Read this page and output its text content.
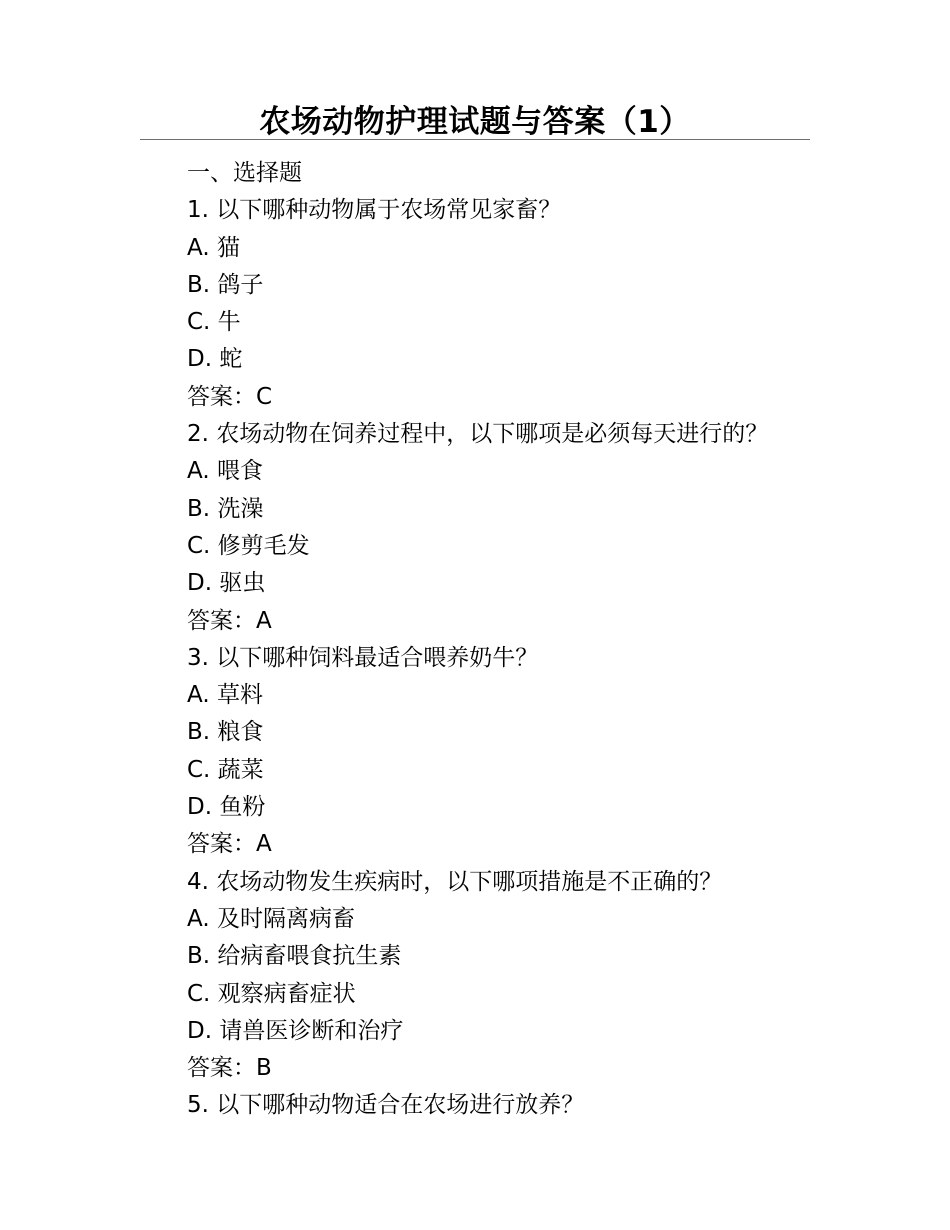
农场动物护理试题与答案（1）
一、选择题
1. 以下哪种动物属于农场常见家畜？
A. 猫
B. 鸽子
C. 牛
D. 蛇
答案：C
2. 农场动物在饲养过程中，以下哪项是必须每天进行的？
A. 喂食
B. 洗澡
C. 修剪毛发
D. 驱虫
答案：A
3. 以下哪种饲料最适合喂养奶牛？
A. 草料
B. 粮食
C. 蔬菜
D. 鱼粉
答案：A
4. 农场动物发生疾病时，以下哪项措施是不正确的？
A. 及时隔离病畜
B. 给病畜喂食抗生素
C. 观察病畜症状
D. 请兽医诊断和治疗
答案：B
5. 以下哪种动物适合在农场进行放养？
